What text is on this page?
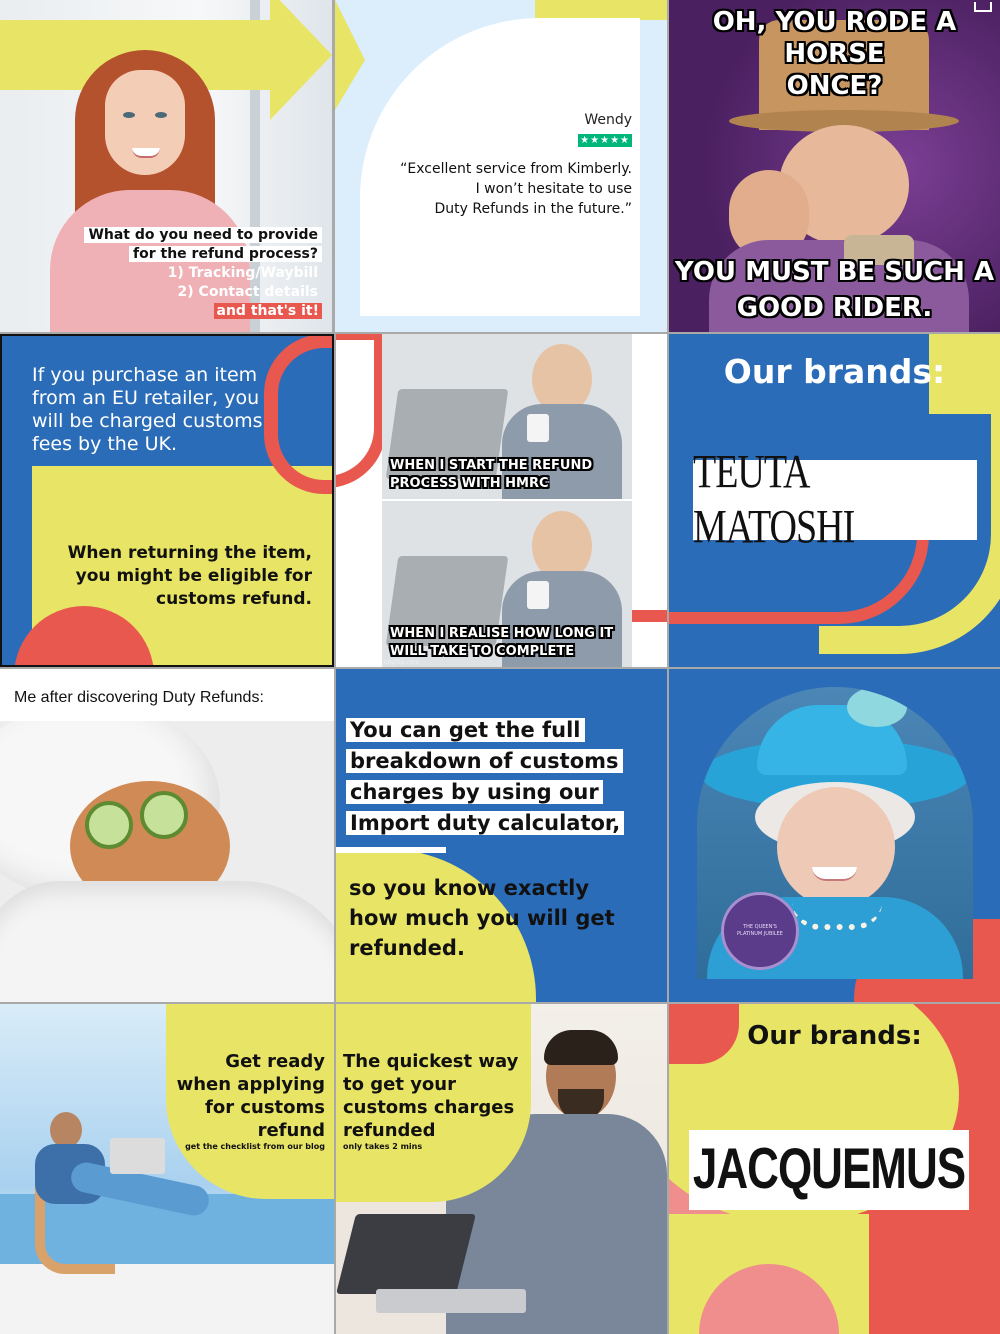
What do you need to provide
for the refund process?
1) Tracking/Waybill
2) Contact details
and that's it!
Wendy
★★★★★
“Excellent service from Kimberly.
I won’t hesitate to use
Duty Refunds in the future.”
OH, YOU RODE A HORSE
ONCE?
YOU MUST BE SUCH A
GOOD RIDER.
If you purchase an item
from an EU retailer, you
will be charged customs
fees by the UK.
When returning the item,
you might be eligible for
customs refund.
WHEN I START THE REFUND
PROCESS WITH HMRC
WHEN I REALISE HOW LONG IT
WILL TAKE TO COMPLETE
imgflip.com
Our brands:
TEUTA MATOSHI
Me after discovering Duty Refunds:
You can get the full
breakdown of customs
charges by using our
Import duty calculator,
so you know exactly
how much you will get
refunded.
THE QUEEN'S PLATINUM JUBILEE
Get ready
when applying
for customs
refund
get the checklist from our blog
The quickest way
to get your
customs charges
refunded
only takes 2 mins
Our brands:
JACQUEMUS
